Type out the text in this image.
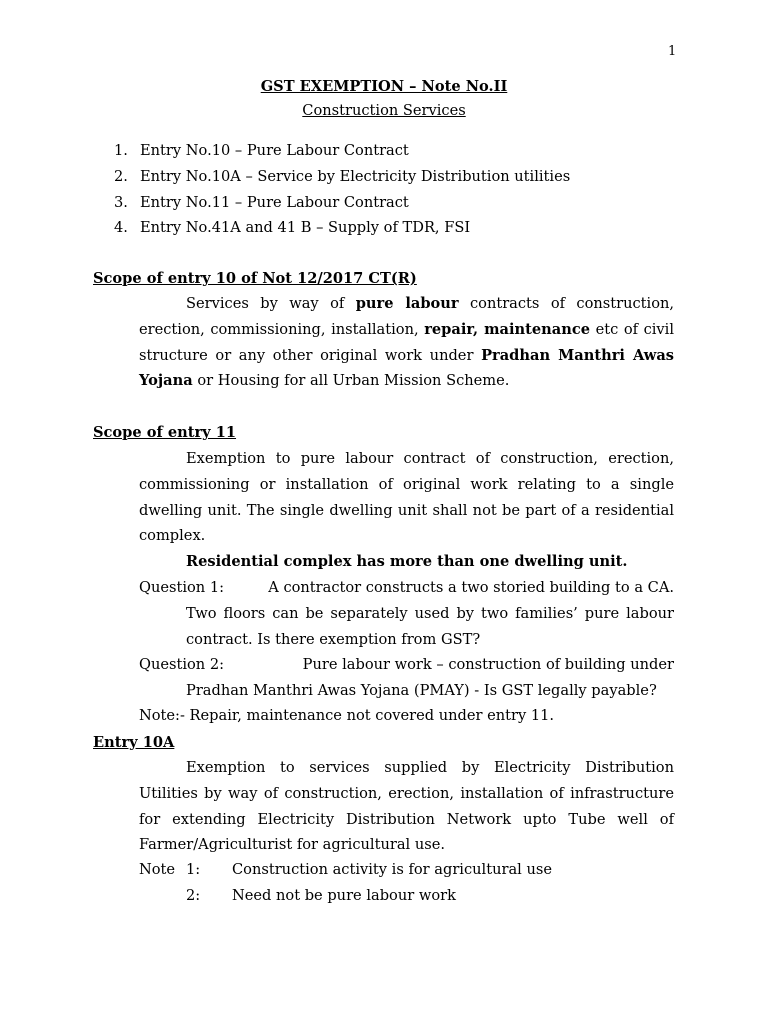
1
GST EXEMPTION – Note No.II
Construction Services
1. Entry No.10 – Pure Labour Contract
2. Entry No.10A – Service by Electricity Distribution utilities
3. Entry No.11 – Pure Labour Contract
4. Entry No.41A and 41 B – Supply of TDR, FSI
Scope of entry 10 of Not 12/2017 CT(R)

Services by way of pure labour contracts of construction, erection, commissioning, installation, repair, maintenance etc of civil structure or any other original work under Pradhan Manthri Awas Yojana or Housing for all Urban Mission Scheme.

Scope of entry 11

Exemption to pure labour contract of construction, erection, commissioning or installation of original work relating to a single dwelling unit. The single dwelling unit shall not be part of a residential complex.

Residential complex has more than one dwelling unit.
Question 1:	A contractor constructs a two storied building to a CA.
Two floors can be separately used by two families’ pure labour contract. Is there exemption from GST?
Question 2:	Pure labour work – construction of building under
Pradhan Manthri Awas Yojana (PMAY) - Is GST legally payable?
Note:- Repair, maintenance not covered under entry 11.
Entry 10A

Exemption to services supplied by Electricity Distribution Utilities by way of construction, erection, installation of infrastructure for extending Electricity Distribution Network upto Tube well of Farmer/Agriculturist for agricultural use.

Note 1: Construction activity is for agricultural use
2: Need not be pure labour work
